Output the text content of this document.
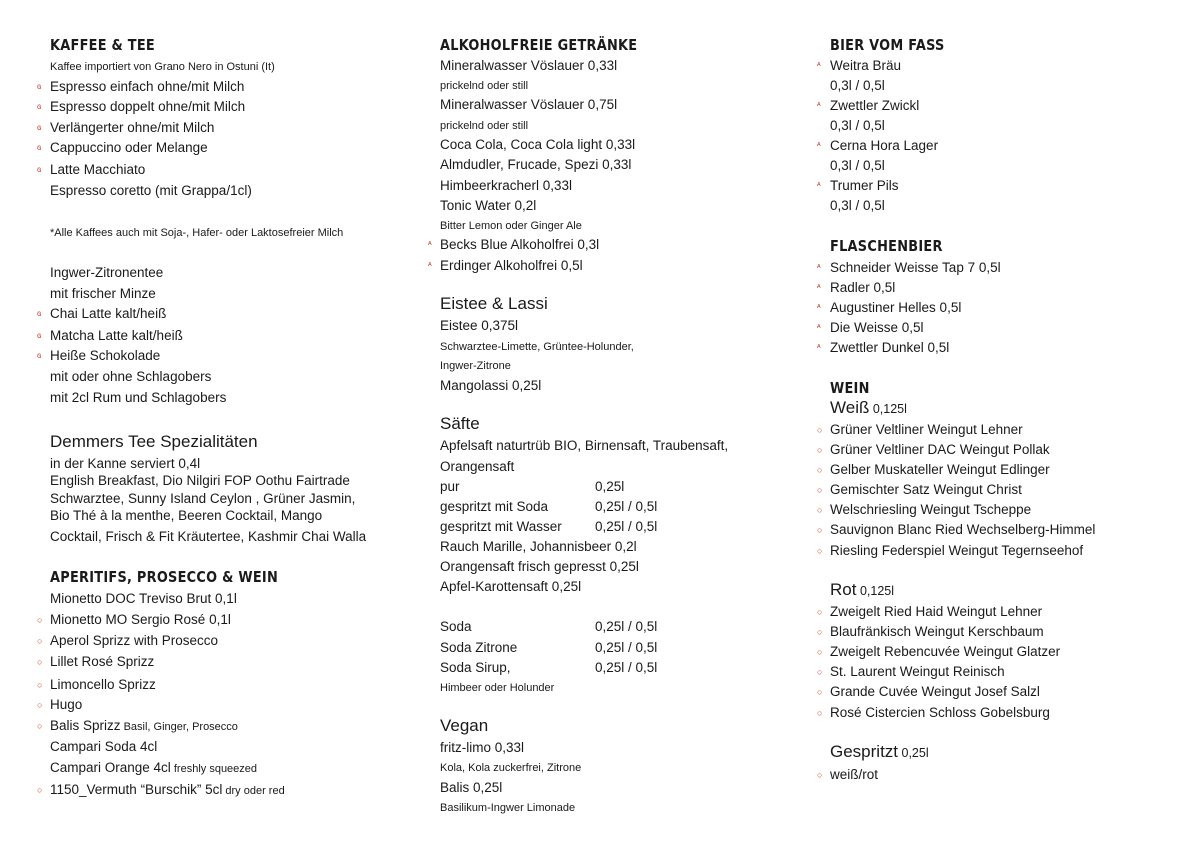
KAFFEE & TEE
Kaffee importiert von Grano Nero in Ostuni (It)
ɢ Espresso einfach ohne/mit Milch
ɢ Espresso doppelt ohne/mit Milch
ɢ Verlängerter ohne/mit Milch
ɢ Cappuccino oder Melange
ɢ Latte Macchiato
Espresso coretto (mit Grappa/1cl)
*Alle Kaffees auch mit Soja-, Hafer- oder Laktosefreier Milch
Ingwer-Zitronentee
mit frischer Minze
ɢ Chai Latte kalt/heiß
ɢ Matcha Latte kalt/heiß
ɢ Heiße Schokolade
mit oder ohne Schlagobers
mit 2cl Rum und Schlagobers
Demmers Tee Spezialitäten
in der Kanne serviert 0,4l
English Breakfast, Dio Nilgiri FOP Oothu Fairtrade
Schwarztee, Sunny Island Ceylon , Grüner Jasmin,
Bio Thé à la menthe, Beeren Cocktail, Mango
Cocktail, Frisch & Fit Kräutertee, Kashmir Chai Walla
APERITIFS, PROSECCO & WEIN
Mionetto DOC Treviso Brut 0,1l
○ Mionetto MO Sergio Rosé 0,1l
○ Aperol Sprizz with Prosecco
○ Lillet Rosé Sprizz
○ Limoncello Sprizz
○ Hugo
○ Balis Sprizz Basil, Ginger, Prosecco
Campari Soda 4cl
Campari Orange 4cl freshly squeezed
○ 1150_Vermuth “Burschik” 5cl dry oder red
ALKOHOLFREIE GETRÄNKE
Mineralwasser Vöslauer 0,33l
prickelnd oder still
Mineralwasser Vöslauer 0,75l
prickelnd oder still
Coca Cola, Coca Cola light 0,33l
Almdudler, Frucade, Spezi 0,33l
Himbeerkracherl 0,33l
Tonic Water 0,2l
Bitter Lemon oder Ginger Ale
ᴬ Becks Blue Alkoholfrei 0,3l
ᴬ Erdinger Alkoholfrei 0,5l
Eistee & Lassi
Eistee 0,375l
Schwarztee-Limette, Grüntee-Holunder,
Ingwer-Zitrone
Mangolassi 0,25l
Säfte
Apfelsaft naturtrüb BIO, Birnensaft, Traubensaft,
Orangensaft
pur	0,25l
gespritzt mit Soda	0,25l / 0,5l
gespritzt mit Wasser 0,25l / 0,5l
Rauch Marille, Johannisbeer 0,2l
Orangensaft frisch gepresst 0,25l
Apfel-Karottensaft 0,25l
Soda	0,25l / 0,5l
Soda Zitrone	0,25l / 0,5l
Soda Sirup,	0,25l / 0,5l
Himbeer oder Holunder
Vegan
fritz-limo 0,33l
Kola, Kola zuckerfrei, Zitrone
Balis 0,25l
Basilikum-Ingwer Limonade
BIER VOM FASS
ᴬ Weitra Bräu
0,3l / 0,5l
ᴬ Zwettler Zwickl
0,3l / 0,5l
ᴬ Cerna Hora Lager
0,3l / 0,5l
ᴬ Trumer Pils
0,3l / 0,5l
FLASCHENBIER
ᴬ Schneider Weisse Tap 7 0,5l
ᴬ Radler 0,5l
ᴬ Augustiner Helles 0,5l
ᴬ Die Weisse 0,5l
ᴬ Zwettler Dunkel 0,5l
WEIN
Weiß 0,125l
○ Grüner Veltliner Weingut Lehner
○ Grüner Veltliner DAC Weingut Pollak
○ Gelber Muskateller Weingut Edlinger
○ Gemischter Satz Weingut Christ
○ Welschriesling Weingut Tscheppe
○ Sauvignon Blanc Ried Wechselberg-Himmel
○ Riesling Federspiel Weingut Tegernseehof
Rot 0,125l
○ Zweigelt Ried Haid Weingut Lehner
○ Blaufränkisch Weingut Kerschbaum
○ Zweigelt Rebencuvée Weingut Glatzer
○ St. Laurent Weingut Reinisch
○ Grande Cuvée Weingut Josef Salzl
○ Rosé Cistercien Schloss Gobelsburg
Gespritzt 0,25l
○ weiß/rot
